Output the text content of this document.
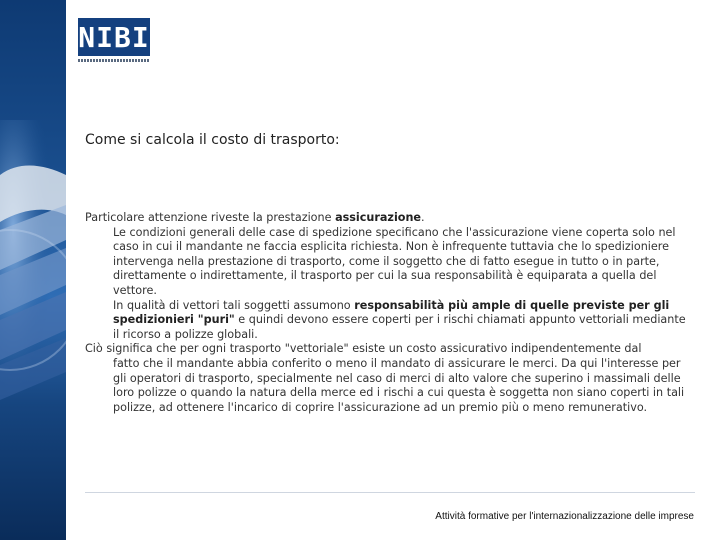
NIBI
Come si calcola il costo di trasporto:

Particolare attenzione riveste la prestazione assicurazione.

Le condizioni generali delle case di spedizione specificano che l'assicurazione viene coperta solo nel caso in cui il mandante ne faccia esplicita richiesta. Non è infrequente tuttavia che lo spedizioniere intervenga nella prestazione di trasporto, come il soggetto che di fatto esegue in tutto o in parte, direttamente o indirettamente, il trasporto per cui la sua responsabilità è equiparata a quella del vettore.

In qualità di vettori tali soggetti assumono responsabilità più ample di quelle previste per gli spedizionieri "puri" e quindi devono essere coperti per i rischi chiamati appunto vettoriali mediante il ricorso a polizze globali.

Ciò significa che per ogni trasporto "vettoriale" esiste un costo assicurativo indipendentemente dal

fatto che il mandante abbia conferito o meno il mandato di assicurare le merci. Da qui l'interesse per gli operatori di trasporto, specialmente nel caso di merci di alto valore che superino i massimali delle loro polizze o quando la natura della merce ed i rischi a cui questa è soggetta non siano coperti in tali polizze, ad ottenere l'incarico di coprire l'assicurazione ad un premio più o meno remunerativo.

Attività formative per l'internazionalizzazione delle imprese
